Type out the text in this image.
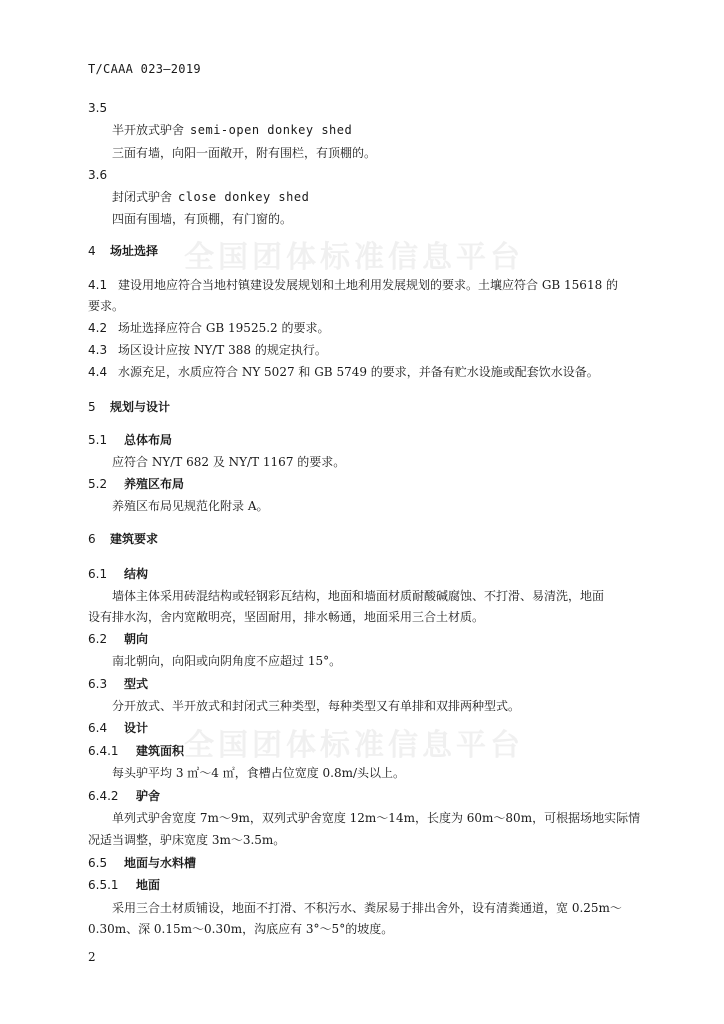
T/CAAA 023—2019
全国团体标准信息平台
全国团体标准信息平台
3.5
半开放式驴舍 semi-open donkey shed
三面有墙，向阳一面敞开，附有围栏，有顶棚的。
3.6
封闭式驴舍 close donkey shed
四面有围墙，有顶棚，有门窗的。
4 场址选择
4.1 建设用地应符合当地村镇建设发展规划和土地利用发展规划的要求。土壤应符合 GB 15618 的
要求。
4.2 场址选择应符合 GB 19525.2 的要求。
4.3 场区设计应按 NY/T 388 的规定执行。
4.4 水源充足，水质应符合 NY 5027 和 GB 5749 的要求，并备有贮水设施或配套饮水设备。
5 规划与设计
5.1 总体布局
应符合 NY/T 682 及 NY/T 1167 的要求。
5.2 养殖区布局
养殖区布局见规范化附录 A。
6 建筑要求
6.1 结构
墙体主体采用砖混结构或轻钢彩瓦结构，地面和墙面材质耐酸碱腐蚀、不打滑、易清洗，地面
设有排水沟，舍内宽敞明亮，坚固耐用，排水畅通，地面采用三合土材质。
6.2 朝向
南北朝向，向阳或向阴角度不应超过 15°。
6.3 型式
分开放式、半开放式和封闭式三种类型，每种类型又有单排和双排两种型式。
6.4 设计
6.4.1 建筑面积
每头驴平均 3 ㎡～4 ㎡，食槽占位宽度 0.8m/头以上。
6.4.2 驴舍
单列式驴舍宽度 7m～9m，双列式驴舍宽度 12m～14m，长度为 60m～80m，可根据场地实际情
况适当调整，驴床宽度 3m～3.5m。
6.5 地面与水料槽
6.5.1 地面
采用三合土材质铺设，地面不打滑、不积污水、粪尿易于排出舍外，设有清粪通道，宽 0.25m～
0.30m、深 0.15m～0.30m，沟底应有 3°～5°的坡度。
2
